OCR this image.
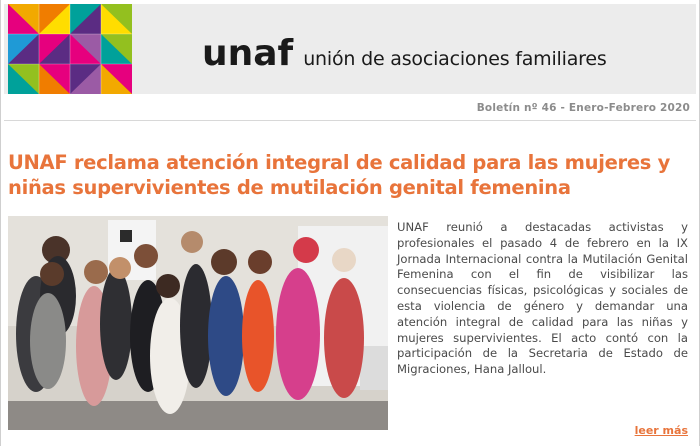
unaf unión de asociaciones familiares
Boletín nº 46 - Enero-Febrero 2020
UNAF reclama atención integral de calidad para las mujeres y niñas supervivientes de mutilación genital femenina

UNAF reunió a destacadas activistas y profesionales el pasado 4 de febrero en la IX Jornada Internacional contra la Mutilación Genital Femenina con el fin de visibilizar las consecuencias físicas, psicológicas y sociales de esta violencia de género y demandar una atención integral de calidad para las niñas y mujeres supervivientes. El acto contó con la participación de la Secretaria de Estado de Migraciones, Hana Jalloul.

leer más
